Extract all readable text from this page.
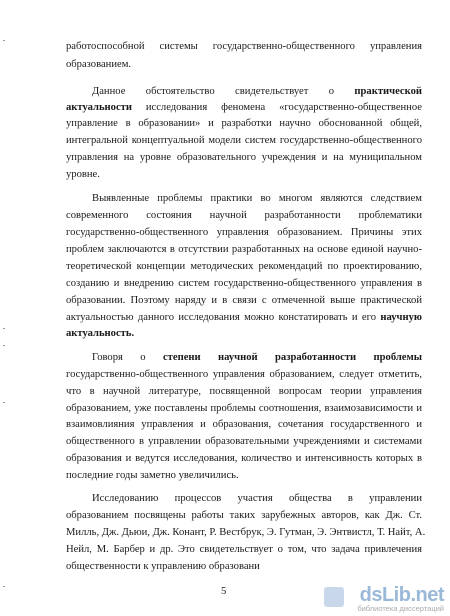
работоспособной системы государственно-общественного управления
образованием.
Данное обстоятельство свидетельствует о практической
актуальности исследования феномена «государственно-общественное
управление в образовании» и разработки научно обоснованной общей,
интегральной концептуальной модели систем государственно-общественного
управления на уровне образовательного учреждения и на муниципальном
уровне.
Выявленные проблемы практики во многом являются следствием
современного состояния научной разработанности проблематики
государственно-общественного управления образованием. Причины этих
проблем заключаются в отсутствии разработанных на основе единой научно-
теоретической концепции методических рекомендаций по проектированию,
созданию и внедрению систем государственно-общественного управления в
образовании. Поэтому наряду и в связи с отмеченной выше практической
актуальностью данного исследования можно констатировать и его научную
актуальность.
Говоря о степени научной разработанности проблемы
государственно-общественного управления образованием, следует отметить,
что в научной литературе, посвященной вопросам теории управления
образованием, уже поставлены проблемы соотношения, взаимозависимости и
взаимовлияния управления и образования, сочетания государственного и
общественного в управлении образовательными учреждениями и системами
образования и ведутся исследования, количество и интенсивность которых в
последние годы заметно увеличились.
Исследованию процессов участия общества в управлении
образованием посвящены работы таких зарубежных авторов, как Дж. Ст.
Милль, Дж. Дьюи, Дж. Конант, Р. Вестбрук, Э. Гутман, Э. Энтвистл, Т. Найт, А.
Нейл, М. Барбер и др. Это свидетельствует о том, что задача привлечения
общественности к управлению образовани
5	dsLib.net
библиотека диссертаций
